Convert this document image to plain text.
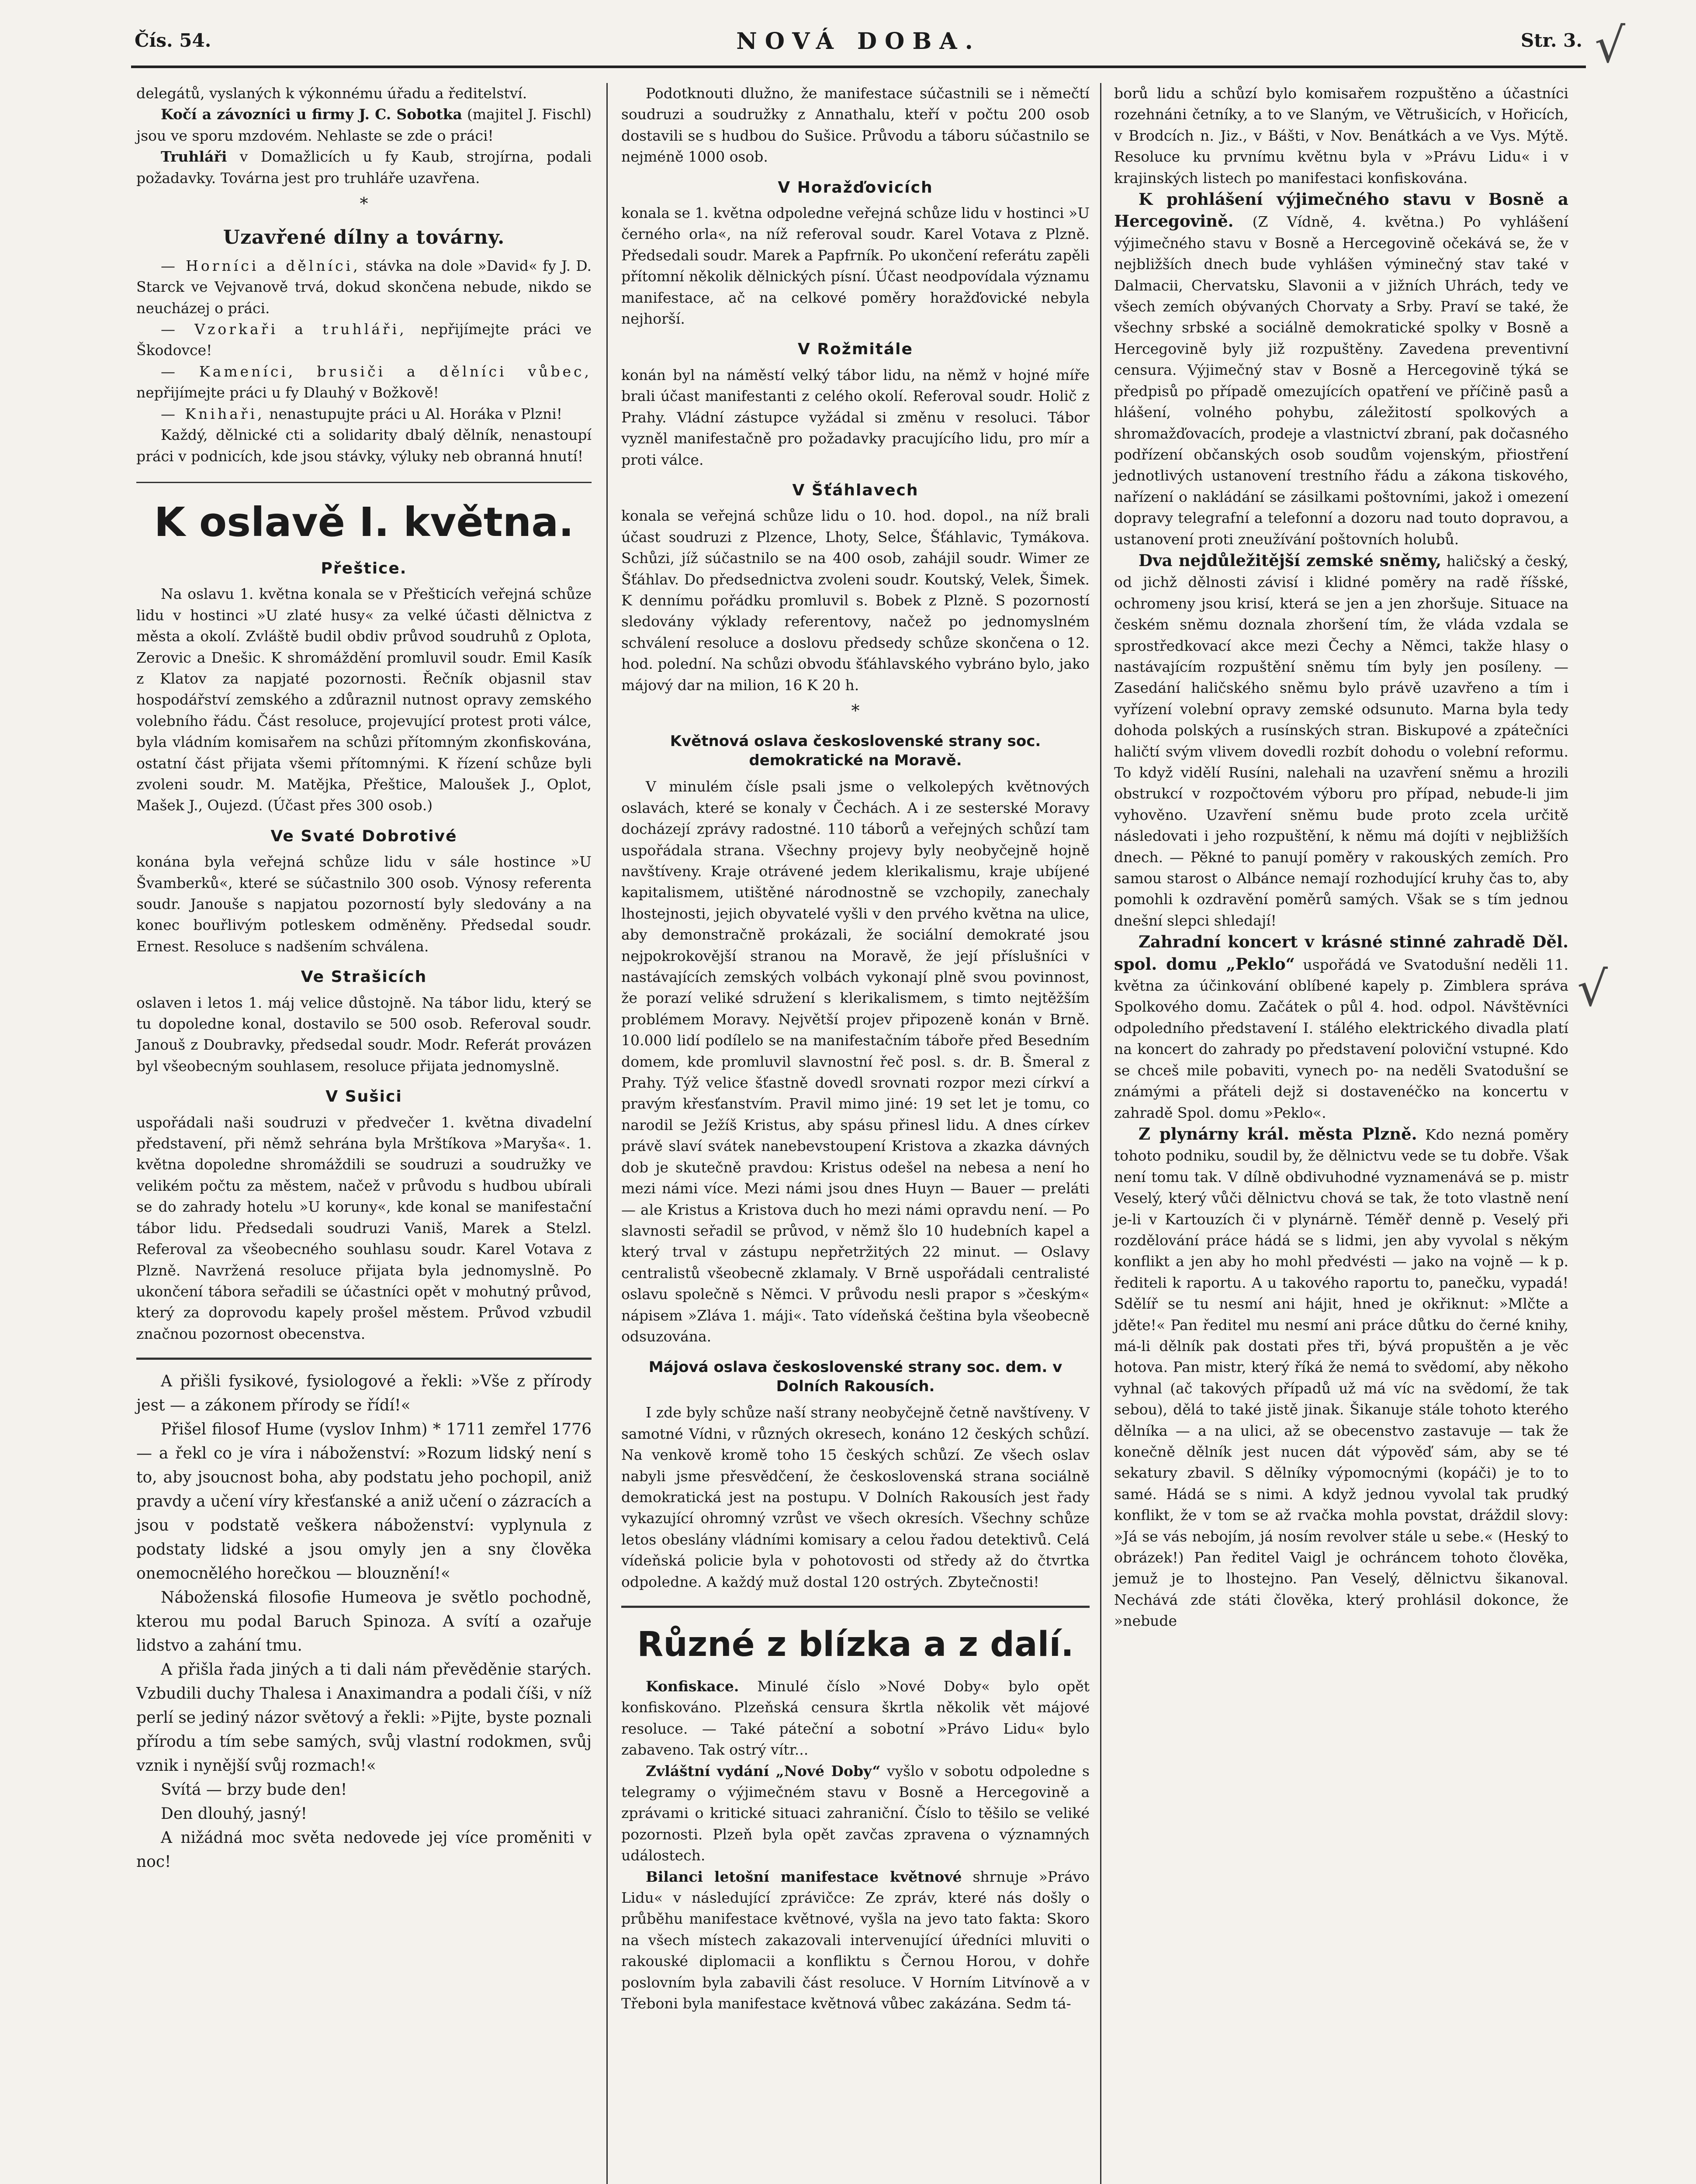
Čís. 54.	NOVÁ DOBA.	Str. 3. √
√

delegátů, vyslaných k výkonnému úřadu a ředitelství.

Kočí a závozníci u firmy J. C. Sobotka (majitel J. Fischl) jsou ve sporu mzdovém. Nehlaste se zde o práci!

Truhláři v Domažlicích u fy Kaub, strojírna, podali požadavky. Továrna jest pro truhláře uzavřena.

*
Uzavřené dílny a továrny.

— Horníci a dělníci, stávka na dole »David« fy J. D. Starck ve Vejvanově trvá, dokud skončena nebude, nikdo se neucházej o práci.

— Vzorkaři a truhláři, nepřijímejte práci ve Škodovce!

— Kameníci, brusiči a dělníci vůbec, nepřijímejte práci u fy Dlauhý v Božkově!

— Knihaři, nenastupujte práci u Al. Horáka v Plzni!

Každý, dělnické cti a solidarity dbalý dělník, nenastoupí práci v podnicích, kde jsou stávky, výluky neb obranná hnutí!

K oslavě I. května.
Přeštice.

Na oslavu 1. května konala se v Přešticích veřejná schůze lidu v hostinci »U zlaté husy« za velké účasti dělnictva z města a okolí. Zvláště budil obdiv průvod soudruhů z Oplota, Zerovic a Dnešic. K shromáždění promluvil soudr. Emil Kasík z Klatov za napjaté pozornosti. Řečník objasnil stav hospodářství zemského a zdůraznil nutnost opravy zemského volebního řádu. Část resoluce, projevující protest proti válce, byla vládním komisařem na schůzi přítomným zkonfiskována, ostatní část přijata všemi přítomnými. K řízení schůze byli zvoleni soudr. M. Matějka, Přeštice, Maloušek J., Oplot, Mašek J., Oujezd. (Účast přes 300 osob.)

Ve Svaté Dobrotivé

konána byla veřejná schůze lidu v sále hostince »U Švamberků«, které se súčastnilo 300 osob. Výnosy referenta soudr. Janouše s napjatou pozorností byly sledovány a na konec bouřlivým potleskem odměněny. Předsedal soudr. Ernest. Resoluce s nadšením schválena.

Ve Strašicích

oslaven i letos 1. máj velice důstojně. Na tábor lidu, který se tu dopoledne konal, dostavilo se 500 osob. Referoval soudr. Janouš z Doubravky, předsedal soudr. Modr. Referát provázen byl všeobecným souhlasem, resoluce přijata jednomyslně.

V Sušici

uspořádali naši soudruzi v předvečer 1. května divadelní představení, při němž sehrána byla Mrštíkova »Maryša«. 1. května dopoledne shromáždili se soudruzi a soudružky ve velikém počtu za městem, načež v průvodu s hudbou ubírali se do zahrady hotelu »U koruny«, kde konal se manifestační tábor lidu. Předsedali soudruzi Vaniš, Marek a Stelzl. Referoval za všeobecného souhlasu soudr. Karel Votava z Plzně. Navržená resoluce přijata byla jednomyslně. Po ukončení tábora seřadili se účastníci opět v mohutný průvod, který za doprovodu kapely prošel městem. Průvod vzbudil značnou pozornost obecenstva.

A přišli fysikové, fysiologové a řekli: »Vše z přírody jest — a zákonem přírody se řídí!«

Přišel filosof Hume (vyslov Inhm) * 1711 zemřel 1776 — a řekl co je víra i náboženství: »Rozum lidský není s to, aby jsoucnost boha, aby podstatu jeho pochopil, aniž pravdy a učení víry křesťanské a aniž učení o zázracích a jsou v podstatě veškera náboženství: vyplynula z podstaty lidské a jsou omyly jen a sny člověka onemocnělého horečkou — blouznění!«

Náboženská filosofie Humeova je světlo pochodně, kterou mu podal Baruch Spinoza. A svítí a ozařuje lidstvo a zahání tmu.

A přišla řada jiných a ti dali nám převěděnie starých. Vzbudili duchy Thalesa i Anaximandra a podali číši, v níž perlí se jediný názor světový a řekli: »Pijte, byste poznali přírodu a tím sebe samých, svůj vlastní rodokmen, svůj vznik i nynější svůj rozmach!«

Svítá — brzy bude den!

Den dlouhý, jasný!

A nižádná moc světa nedovede jej více proměniti v noc!

Podotknouti dlužno, že manifestace súčastnili se i němečtí soudruzi a soudružky z Annathalu, kteří v počtu 200 osob dostavili se s hudbou do Sušice. Průvodu a táboru súčastnilo se nejméně 1000 osob.

V Horažďovicích

konala se 1. května odpoledne veřejná schůze lidu v hostinci »U černého orla«, na níž referoval soudr. Karel Votava z Plzně. Předsedali soudr. Marek a Papfrník. Po ukončení referátu zapěli přítomní několik dělnických písní. Účast neodpovídala významu manifestace, ač na celkové poměry horažďovické nebyla nejhorší.

V Rožmitále

konán byl na náměstí velký tábor lidu, na němž v hojné míře brali účast manifestanti z celého okolí. Referoval soudr. Holič z Prahy. Vládní zástupce vyžádal si změnu v resoluci. Tábor vyzněl manifestačně pro požadavky pracujícího lidu, pro mír a proti válce.

V Šťáhlavech

konala se veřejná schůze lidu o 10. hod. dopol., na níž brali účast soudruzi z Plzence, Lhoty, Selce, Šťáhlavic, Tymákova. Schůzi, jíž súčastnilo se na 400 osob, zahájil soudr. Wimer ze Šťáhlav. Do předsednictva zvoleni soudr. Koutský, Velek, Šimek. K dennímu pořádku promluvil s. Bobek z Plzně. S pozorností sledovány výklady referentovy, načež po jednomyslném schválení resoluce a doslovu předsedy schůze skončena o 12. hod. polední. Na schůzi obvodu šťáhlavského vybráno bylo, jako májový dar na milion, 16 K 20 h.

*
Květnová oslava československé strany soc. demokratické na Moravě.

V minulém čísle psali jsme o velkolepých květnových oslavách, které se konaly v Čechách. A i ze sesterské Moravy docházejí zprávy radostné. 110 táborů a veřejných schůzí tam uspořádala strana. Všechny projevy byly neobyčejně hojně navštíveny. Kraje otrávené jedem klerikalismu, kraje ubíjené kapitalismem, utištěné národnostně se vzchopily, zanechaly lhostejnosti, jejich obyvatelé vyšli v den prvého května na ulice, aby demonstračně prokázali, že sociální demokraté jsou nejpokrokovější stranou na Moravě, že její příslušníci v nastávajících zemských volbách vykonají plně svou povinnost, že porazí veliké sdružení s klerikalismem, s timto nejtěžším problémem Moravy. Největší projev připozeně konán v Brně. 10.000 lidí podílelo se na manifestačním táboře před Besedním domem, kde promluvil slavnostní řeč posl. s. dr. B. Šmeral z Prahy. Týž velice šťastně dovedl srovnati rozpor mezi církví a pravým křesťanstvím. Pravil mimo jiné: 19 set let je tomu, co narodil se Ježíš Kristus, aby spásu přinesl lidu. A dnes církev právě slaví svátek nanebevstoupení Kristova a zkazka dávných dob je skutečně pravdou: Kristus odešel na nebesa a není ho mezi námi více. Mezi námi jsou dnes Huyn — Bauer — preláti — ale Kristus a Kristova duch ho mezi námi opravdu není. — Po slavnosti seřadil se průvod, v němž šlo 10 hudebních kapel a který trval v zástupu nepřetržitých 22 minut. — Oslavy centralistů všeobecně zklamaly. V Brně uspořádali centralisté oslavu společně s Němci. V průvodu nesli prapor s »českým« nápisem »Zláva 1. máji«. Tato vídeňská čeština byla všeobecně odsuzována.

Májová oslava československé strany soc. dem. v Dolních Rakousích.

I zde byly schůze naší strany neobyčejně četně navštíveny. V samotné Vídni, v různých okresech, konáno 12 českých schůzí. Na venkově kromě toho 15 českých schůzí. Ze všech oslav nabyli jsme přesvědčení, že československá strana sociálně demokratická jest na postupu. V Dolních Rakousích jest řady vykazující ohromný vzrůst ve všech okresích. Všechny schůze letos obeslány vládními komisary a celou řadou detektivů. Celá vídeňská policie byla v pohotovosti od středy až do čtvrtka odpoledne. A každý muž dostal 120 ostrých. Zbytečnosti!

Různé z blízka a z dalí.

Konfiskace. Minulé číslo »Nové Doby« bylo opět konfiskováno. Plzeňská censura škrtla několik vět májové resoluce. — Také páteční a sobotní »Právo Lidu« bylo zabaveno. Tak ostrý vítr...

Zvláštní vydání „Nové Doby“ vyšlo v sobotu odpoledne s telegramy o výjimečném stavu v Bosně a Hercegovině a zprávami o kritické situaci zahraniční. Číslo to těšilo se veliké pozornosti. Plzeň byla opět zavčas zpravena o významných událostech.

Bilanci letošní manifestace květnové shrnuje »Právo Lidu« v následující zprávičce: Ze zpráv, které nás došly o průběhu manifestace květnové, vyšla na jevo tato fakta: Skoro na všech místech zakazovali intervenující úředníci mluviti o rakouské diplomacii a konfliktu s Černou Horou, v dohře poslovním byla zabavili část resoluce. V Horním Litvínově a v Třeboni byla manifestace květnová vůbec zakázána. Sedm tá-

borů lidu a schůzí bylo komisařem rozpuštěno a účastníci rozehnáni četníky, a to ve Slaným, ve Větrušicích, v Hořicích, v Brodcích n. Jiz., v Bášti, v Nov. Benátkách a ve Vys. Mýtě. Resoluce ku prvnímu květnu byla v »Právu Lidu« i v krajinských listech po manifestaci konfiskována.

K prohlášení výjimečného stavu v Bosně a Hercegovině. (Z Vídně, 4. května.) Po vyhlášení výjimečného stavu v Bosně a Hercegovině očekává se, že v nejbližších dnech bude vyhlášen výminečný stav také v Dalmacii, Chervatsku, Slavonii a v jižních Uhrách, tedy ve všech zemích obývaných Chorvaty a Srby. Praví se také, že všechny srbské a sociálně demokratické spolky v Bosně a Hercegovině byly již rozpuštěny. Zavedena preventivní censura. Výjimečný stav v Bosně a Hercegovině týká se předpisů po případě omezujících opatření ve příčině pasů a hlášení, volného pohybu, záležitostí spolkových a shromažďovacích, prodeje a vlastnictví zbraní, pak dočasného podřízení občanských osob soudům vojenským, přiostření jednotlivých ustanovení trestního řádu a zákona tiskového, nařízení o nakládání se zásilkami poštovními, jakož i omezení dopravy telegrafní a telefonní a dozoru nad touto dopravou, a ustanovení proti zneužívání poštovních holubů.

Dva nejdůležitější zemské sněmy, haličský a český, od jichž dělnosti závisí i klidné poměry na radě říšské, ochromeny jsou krisí, která se jen a jen zhoršuje. Situace na českém sněmu doznala zhoršení tím, že vláda vzdala se sprostředkovací akce mezi Čechy a Němci, takže hlasy o nastávajícím rozpuštění sněmu tím byly jen posíleny. — Zasedání haličského sněmu bylo právě uzavřeno a tím i vyřízení volební opravy zemské odsunuto. Marna byla tedy dohoda polských a rusínských stran. Biskupové a zpátečníci haličtí svým vlivem dovedli rozbít dohodu o volební reformu. To když vidělí Rusíni, nalehali na uzavření sněmu a hrozili obstrukcí v rozpočtovém výboru pro případ, nebude-li jim vyhověno. Uzavření sněmu bude proto zcela určitě následovati i jeho rozpuštění, k němu má dojíti v nejbližších dnech. — Pěkné to panují poměry v rakouských zemích. Pro samou starost o Albánce nemají rozhodující kruhy čas to, aby pomohli k ozdravění poměrů samých. Však se s tím jednou dnešní slepci shledají!

Zahradní koncert v krásné stinné zahradě Děl. spol. domu „Peklo“ uspořádá ve Svatodušní neděli 11. května za účinkování oblíbené kapely p. Zimblera správa Spolkového domu. Začátek o půl 4. hod. odpol. Návštěvníci odpoledního představení I. stálého elektrického divadla platí na koncert do zahrady po představení poloviční vstupné. Kdo se chceš mile pobaviti, vynech po- na neděli Svatodušní se známými a přáteli dejž si dostavenéčko na koncertu v zahradě Spol. domu »Peklo«.

Z plynárny král. města Plzně. Kdo nezná poměry tohoto podniku, soudil by, že dělnictvu vede se tu dobře. Však není tomu tak. V dílně obdivuhodné vyznamenává se p. mistr Veselý, který vůči dělnictvu chová se tak, že toto vlastně není je-li v Kartouzích či v plynárně. Téměř denně p. Veselý při rozdělování práce hádá se s lidmi, jen aby vyvolal s někým konflikt a jen aby ho mohl předvésti — jako na vojně — k p. řediteli k raportu. A u takového raportu to, panečku, vypadá! Sdělíř se tu nesmí ani hájit, hned je okřiknut: »Mlčte a jděte!« Pan ředitel mu nesmí ani práce důtku do černé knihy, má-li dělník pak dostati přes tři, bývá propuštěn a je věc hotova. Pan mistr, který říká že nemá to svědomí, aby někoho vyhnal (ač takových případů už má víc na svědomí, že tak sebou), dělá to také jistě jinak. Šikanuje stále tohoto kterého dělníka — a na ulici, až se obecenstvo zastavuje — tak že konečně dělník jest nucen dát výpověď sám, aby se té sekatury zbavil. S dělníky výpomocnými (kopáči) je to to samé. Hádá se s nimi. A když jednou vyvolal tak prudký konflikt, že v tom se až rvačka mohla povstat, dráždil slovy: »Já se vás nebojím, já nosím revolver stále u sebe.« (Heský to obrázek!) Pan ředitel Vaigl je ochráncem tohoto člověka, jemuž je to lhostejno. Pan Veselý, dělnictvu šikanoval. Nechává zde státi člověka, který prohlásil dokonce, že »nebude
